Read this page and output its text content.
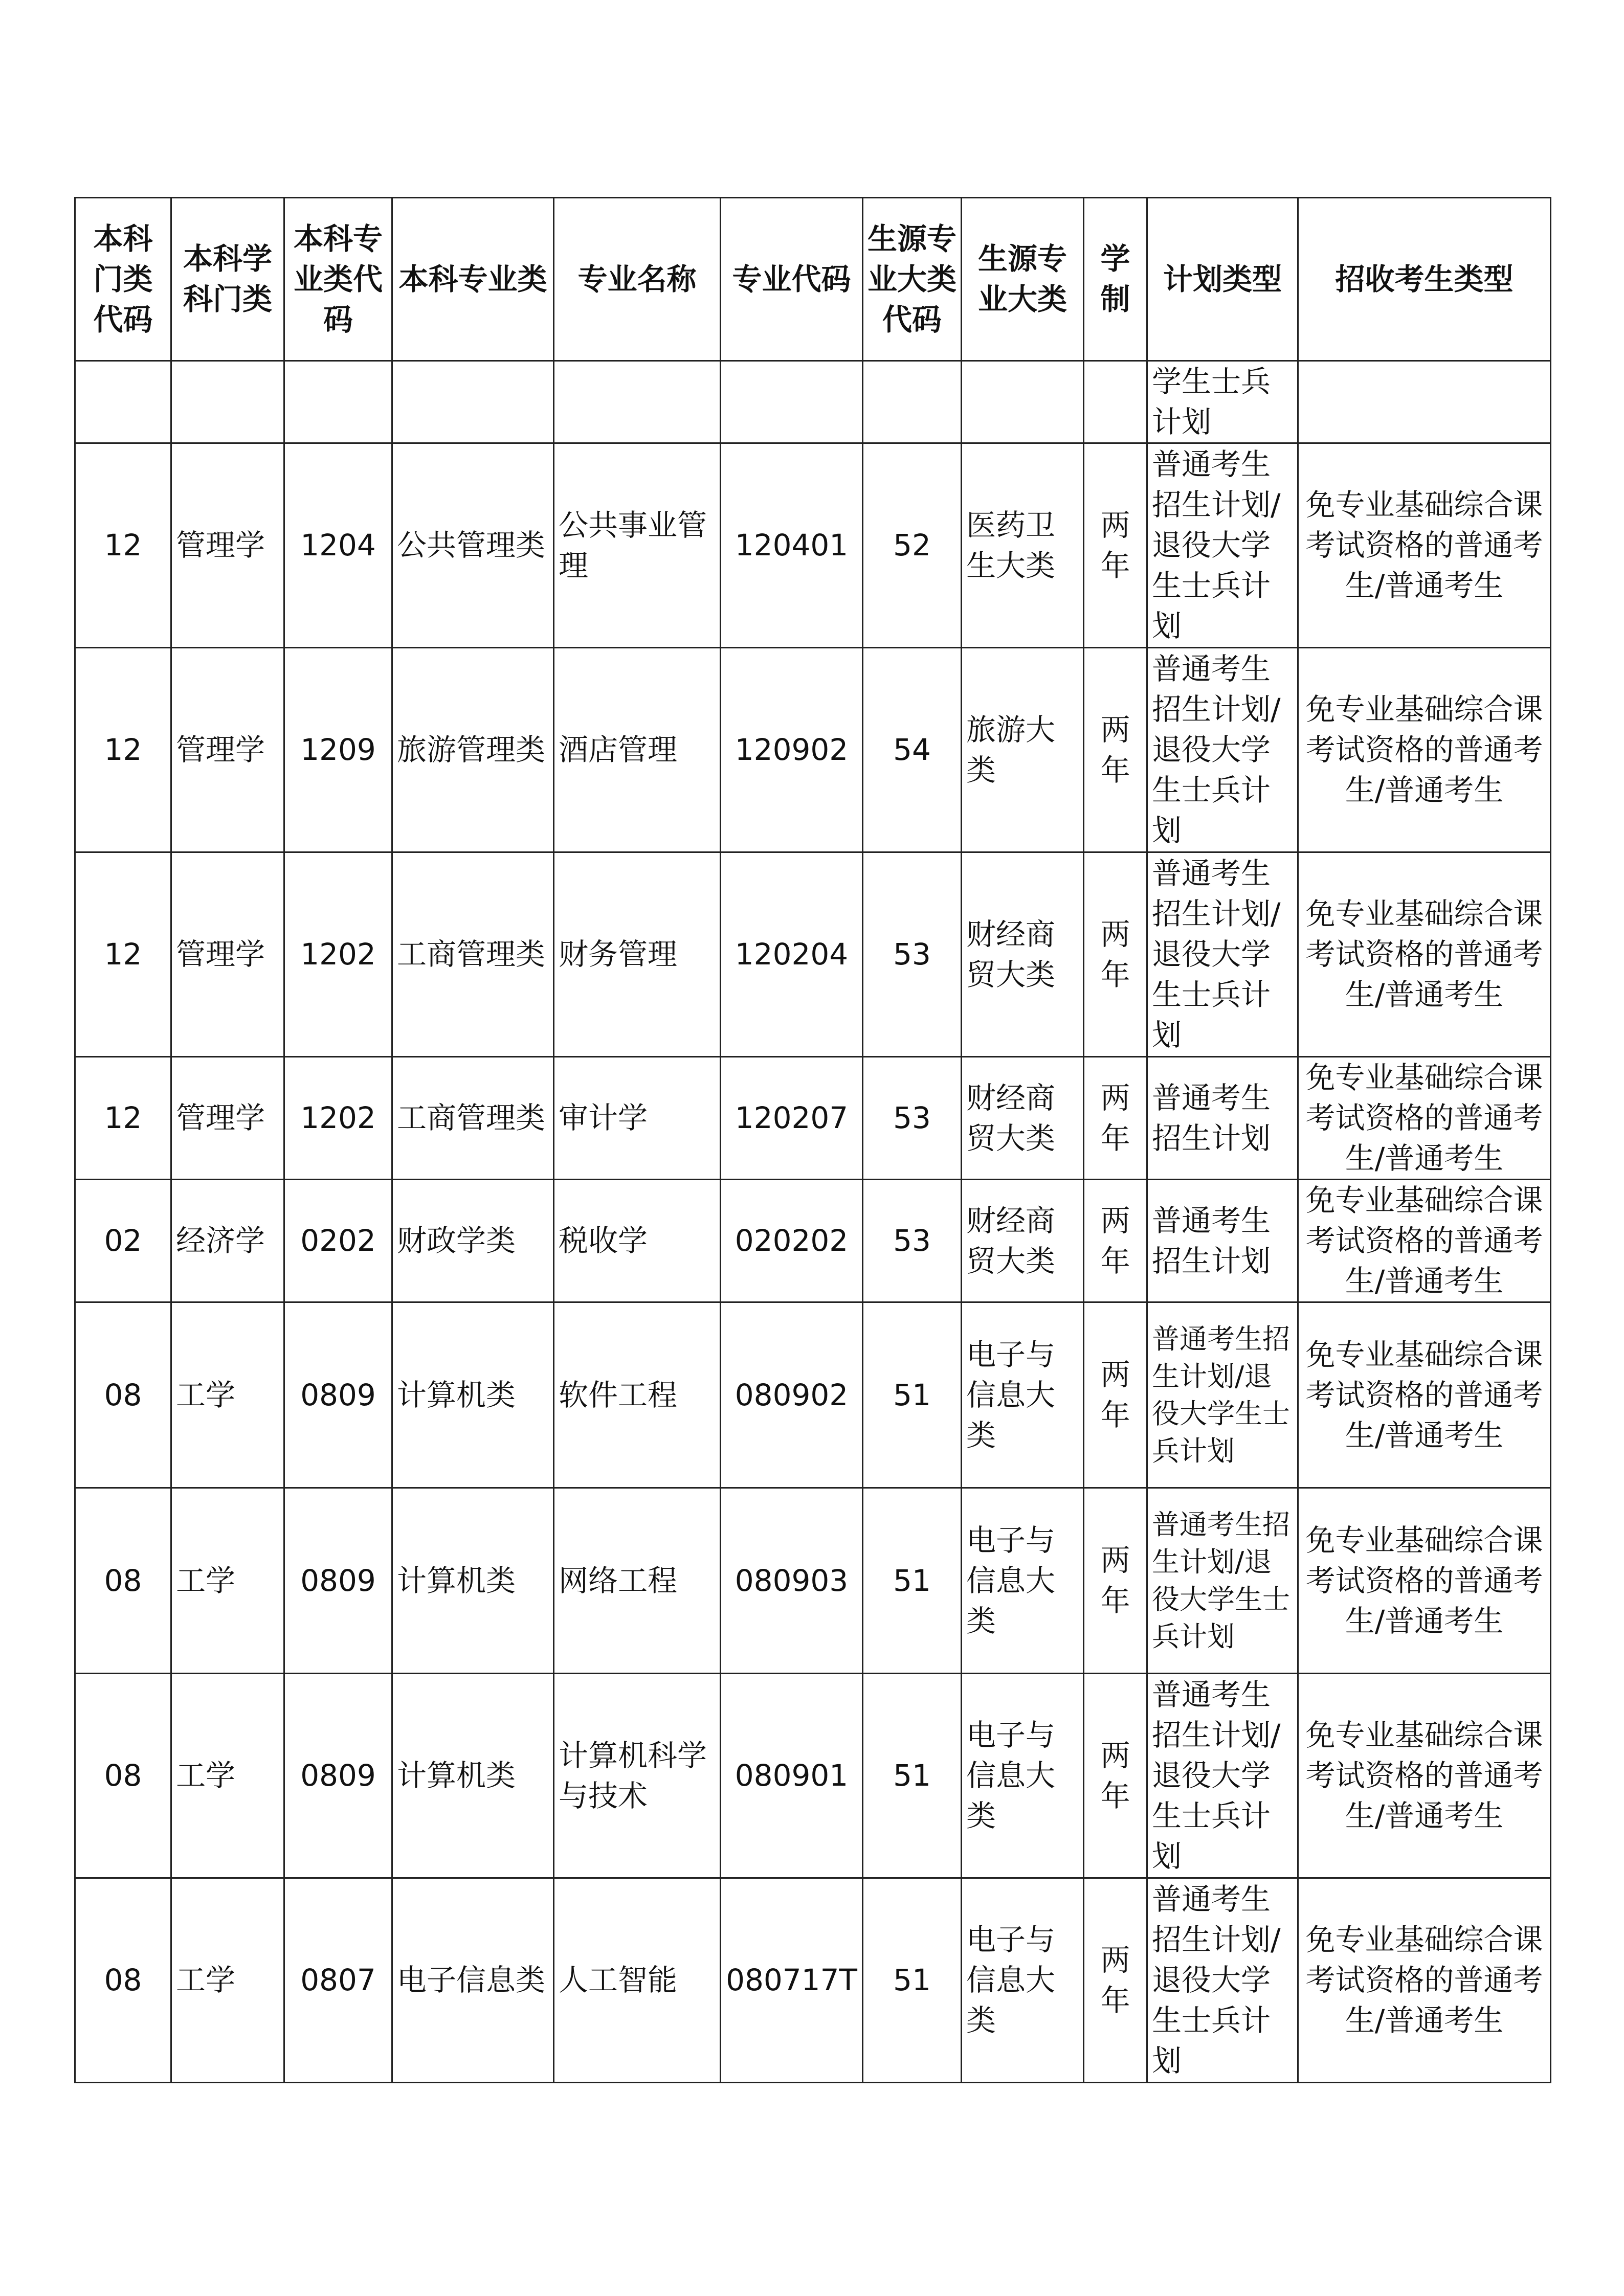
本科门类代码	本科学科门类	本科专业类代码	本科专业类	专业名称	专业代码	生源专业大类代码	生源专业大类	学制	计划类型	招收考生类型
									学生士兵计划	
12	管理学	1204	公共管理类	公共事业管理	120401	52	医药卫生大类	两年	普通考生招生计划/退役大学生士兵计划	免专业基础综合课考试资格的普通考生/普通考生
12	管理学	1209	旅游管理类	酒店管理	120902	54	旅游大类	两年	普通考生招生计划/退役大学生士兵计划	免专业基础综合课考试资格的普通考生/普通考生
12	管理学	1202	工商管理类	财务管理	120204	53	财经商贸大类	两年	普通考生招生计划/退役大学生士兵计划	免专业基础综合课考试资格的普通考生/普通考生
12	管理学	1202	工商管理类	审计学	120207	53	财经商贸大类	两年	普通考生招生计划	免专业基础综合课考试资格的普通考生/普通考生
02	经济学	0202	财政学类	税收学	020202	53	财经商贸大类	两年	普通考生招生计划	免专业基础综合课考试资格的普通考生/普通考生
08	工学	0809	计算机类	软件工程	080902	51	电子与信息大类	两年	普通考生招生计划/退役大学生士兵计划	免专业基础综合课考试资格的普通考生/普通考生
08	工学	0809	计算机类	网络工程	080903	51	电子与信息大类	两年	普通考生招生计划/退役大学生士兵计划	免专业基础综合课考试资格的普通考生/普通考生
08	工学	0809	计算机类	计算机科学与技术	080901	51	电子与信息大类	两年	普通考生招生计划/退役大学生士兵计划	免专业基础综合课考试资格的普通考生/普通考生
08	工学	0807	电子信息类	人工智能	080717T	51	电子与信息大类	两年	普通考生招生计划/退役大学生士兵计划	免专业基础综合课考试资格的普通考生/普通考生
